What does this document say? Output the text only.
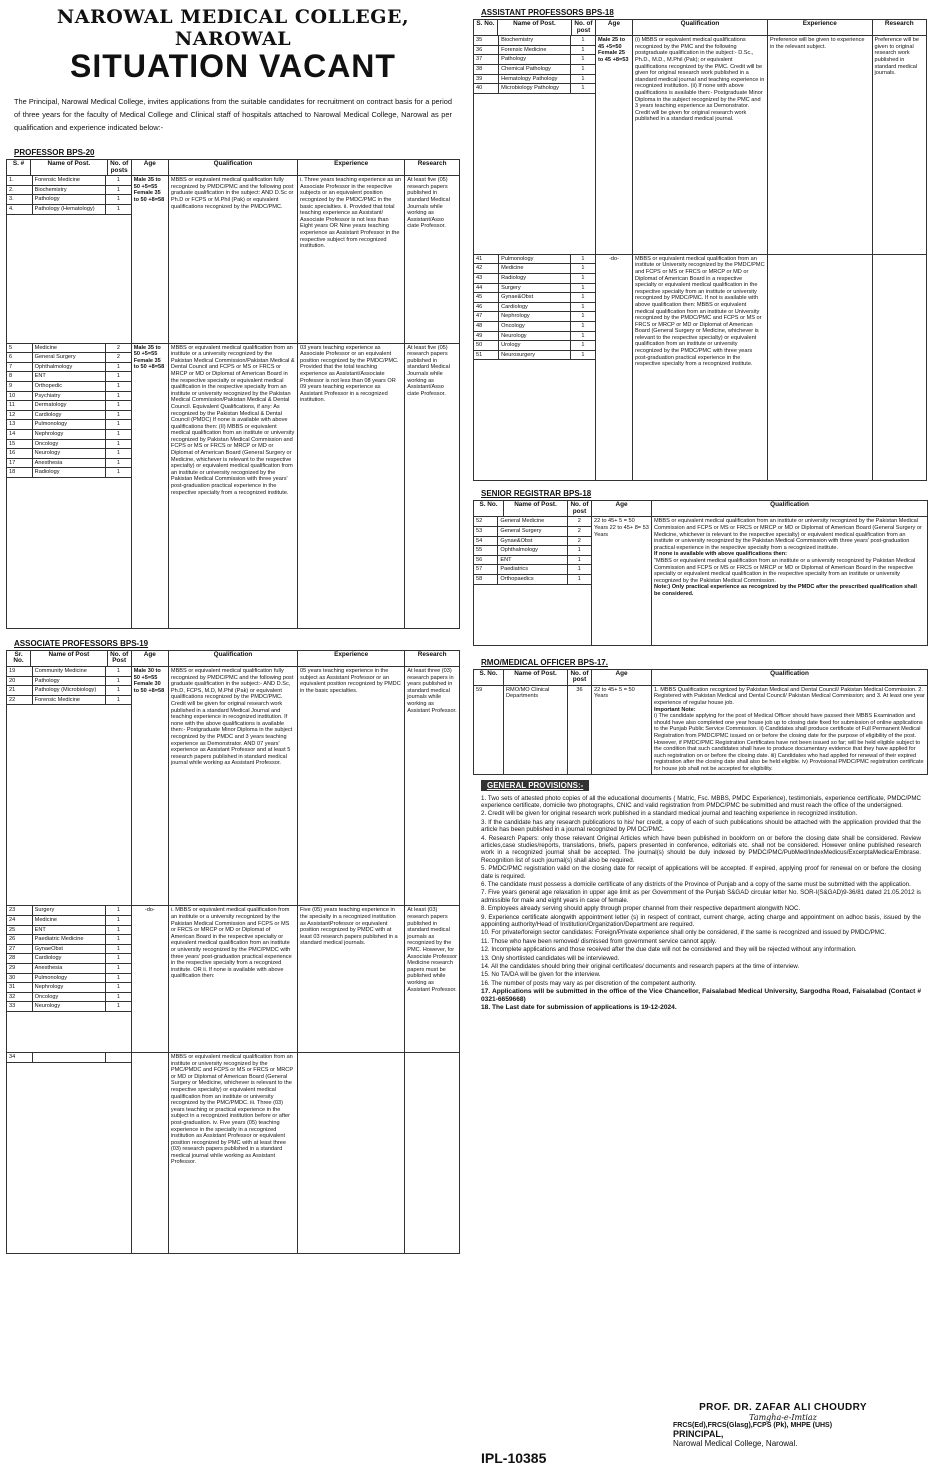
NAROWAL MEDICAL COLLEGE, NAROWAL
SITUATION VACANT
The Principal, Narowal Medical College, invites applications from the suitable candidates for recruitment on contract basis for a period of three years for the faculty of Medical College and Clinical staff of hospitals attached to Narowal Medical College, Narowal as per qualification and experience indicated below:-
PROFESSOR BPS-20
S. #	Name of Post.	No. of posts	Age	Qualification	Experience	Research

1.	Forensic Medicine	1
2.	Biochemistry	1
3.	Pathology	1
4.	Pathology (Hematology)	1
	Male 35 to 50 +5=55 Female 35 to 50 +8=58	MBBS or equivalent medical qualification fully recognized by PMDC/PMC and the following post graduate qualification in the subject: AND D.Sc or Ph.D or FCPS or M.Phil (Pak) or equivalent qualifications recognized by the PMDC/PMC.	i. Three years teaching experience as an Associate Professor in the respective subjects or an equivalent position recognized by the PMDC/PMC in the basic specialties. ii. Provided that total teaching experience as Assistant/ Associate Professor is not less than Eight years OR Nine years teaching experience as Assistant Professor in the respective subject from recognized institution.	At least five (05) research papers published in standard Medical Journals while working as Assistant/Asso ciate Professor.

5	Medicine	2
6	General Surgery	2
7	Ophthalmology	1
8	ENT	1
9	Orthopedic	1
10	Psychiatry	1
11	Dermatology	1
12	Cardiology	1
13	Pulmonology	1
14	Nephrology	1
15	Oncology	1
16	Neurology	1
17	Anesthesia	1
18	Radiology	1
	Male 35 to 50 +5=55 Female 35 to 50 +8=58	MBBS or equivalent medical qualification from an institute or a university recognized by the Pakistan Medical Commission/Pakistan Medical & Dental Council and FCPS or MS or FRCS or MRCP or MD or Diplomat of American Board in the respective specialty or equivalent medical qualification in the respective specialty from an institute or university recognized by the Pakistan Medical Commission/Pakistan Medical & Dental Council. Equivalent Qualifications, if any: As recognized by the Pakistan Medical & Dental Council (PMDC) If none is available with above qualifications then: (II) MBBS or equivalent medical qualification from an institute or university recognized by Pakistan Medical Commission and FCPS or MS or FRCS or MRCP or MD or Diplomat of American Board (General Surgery or Medicine, whichever is relevant to the respective specialty) or equivalent medical qualification from an institute or university recognized by the Pakistan Medical Commission with three years' post-graduation practical experience in the respective specialty from a recognized institute.	03 years teaching experience as Associate Professor or an equivalent position recognized by the PMDC/PMC. Provided that the total teaching experience as Assistant/Associate Professor is not less than 08 years OR 09 years teaching experience as Assistant Professor in a recognized institution.	At least five (05) research papers published in standard Medical Journals while working as Assistant/Asso ciate Professor.
ASSOCIATE PROFESSORS BPS-19
Sr. No.	Name of Post	No. of Post	Age	Qualification	Experience	Research

19	Community Medicine	1
20	Pathology	1
21	Pathology (Microbiology)	1
22	Forensic Medicine	1
	Male 30 to 50 +5=55 Female 30 to 50 +8=58	MBBS or equivalent medical qualification fully recognized by PMDC/PMC and the following post graduate qualification in the subject:- AND D.Sc, Ph.D, FCPS, M.D, M.Phil (Pak) or equivalent qualifications recognized by the PMDC/PMC. Credit will be given for original research work published in a standard Medical Journal and teaching experience in recognized institution. If none with the above qualifications is available then:- Postgraduate Minor Diploma in the subject recognized by the PMDC and 3 years teaching experience as Demonstrator. AND 07 years' experience as Assistant Professor and at least 5 research papers published in standard medical journal while working as Assistant Professor.	05 years teaching experience in the subject as Assistant Professor or an equivalent position recognized by PMDC in the basic specialties.	At least three (03) research papers in years published in standard medical journals while working as Assistant Professor.

23	Surgery	1
24	Medicine	1
25	ENT	1
26	Paediatric Medicine	1
27	GynaeObst	1
28	Cardiology	1
29	Anesthesia	1
30	Pulmonology	1
31	Nephrology	1
32	Oncology	1
33	Neurology	1
	-do-	i. MBBS or equivalent medical qualification from an institute or a university recognized by the Pakistan Medical Commission and FCPS or MS or FRCS or MRCP or MD or Diplomat of American Board in the respective specialty or equivalent medical qualification from an institute or university recognized by the PMC/PMDC with three years' post-graduation practical experience in the respective specialty from a recognized institute. OR ii. If none is available with above qualification then:	Five (05) years teaching experience in the specialty in a recognized institution as AssistantProfessor or equivalent position recognized by PMDC with at least 03 research papers published in a standard medical journals.	At least (03) research papers published in standard medical journals as recognized by the PMC. However, for Associate Professor Medicine research papers must be published while working as Assistant Professor.

34		
			MBBS or equivalent medical qualification from an institute or university recognized by the PMC/PMDC and FCPS or MS or FRCS or MRCP or MD or Diplomat of American Board (General Surgery or Medicine, whichever is relevant to the respective specialty) or equivalent medical qualification from an institute or university recognized by the PMC/PMDC. iii. Three (03) years teaching or practical experience in the subject in a recognized institution before or after post-graduation. iv. Five years (05) teaching experience in the specialty in a recognized institution as Assistant Professor or equivalent position recognized by PMC with at least three (03) research papers published in a standard medical journal while working as Assistant Professor.		
ASSISTANT PROFESSORS BPS-18
S. No.	Name of Post.	No. of post	Age	Qualification	Experience	Research

35	Biochemistry	1
36	Forensic Medicine	1
37	Pathology	1
38	Chemical Pathology	1
39	Hematology Pathology	1
40	Microbiology Pathology	1
	Male 25 to 45 +5=50 Female 25 to 45 +8=53	(i) MBBS or equivalent medical qualifications recognized by the PMC and the following postgraduate qualification in the subject:- D.Sc., Ph.D., M.D., M.Phil (Pak); or equivalent qualifications recognized by the PMC. Credit will be given for original research work published in a standard medical journal and teaching experience in recognized institution. (ii) If none with above qualifications is available then:- Postgraduate Minor Diploma in the subject recognized by the PMC and 3 years teaching experience as Demonstrator. Credit will be given for original research work published in a standard medical journal.	Preference will be given to experience in the relevant subject.	Preference will be given to original research work published in standard medical journals.

41	Pulmonology	1
42	Medicine	1
43	Radiology	1
44	Surgery	1
45	Gynae&Obst	1
46	Cardiology	1
47	Nephrology	1
48	Oncology	1
49	Neurology	1
50	Urology	1
51	Neurosurgery	1
	-do-	MBBS or equivalent medical qualification from an institute or University recognized by the PMDC/PMC and FCPS or MS or FRCS or MRCP or MD or Diplomat of American Board in a respective specialty or equivalent medical qualification in the respective specialty from an institute or university recognized by PMDC/PMC. If not is available with above qualification then: MBBS or equivalent medical qualification from an institute or University recognized by the PMDC/PMC and FCPS or MS or FRCS or MRCP or MD or Diplomat of American Board (General Surgery or Medicine, whichever is relevant to the respective specialty) or equivalent qualification from an institute or university recognized by the PMDC/PMC with three years post-graduation practical experience in the respective specialty from a recognized institute.		
SENIOR REGISTRAR BPS-18
S. No.	Name of Post.	No. of post	Age	Qualification

52	General Medicine	2
53	General Surgery	2
54	Gynae&Obst	2
55	Ophthalmology	1
56	ENT	1
57	Paediatrics	1
58	Orthopaedics	1
	22 to 45+ 5 = 50 Years 22 to 45+ 8= 53 Years	
MBBS or equivalent medical qualification from an institute or university recognized by the Pakistan Medical Commission and FCPS or MS or FRCS or MRCP or MD or Diplomat of American Board (General Surgery or Medicine, whichever is relevant to the respective specialty) or equivalent medical qualification from an institute or university recognized by the Pakistan Medical Commission with three years' post-graduation practical experience in the respective specialty from a recognized institute.
If none is available with above qualifications then:
"MBBS or equivalent medical qualification from an institute or a university recognized by Pakistan Medical Commission and FCPS or MS or FRCS or MRCP or MD or Diplomat of American Board in the respective specialty or equivalent medical qualification in the respective specialty from an institute or university recognized by the Pakistan Medical Commission.
Note:) Only practical experience as recognized by the PMDC after the prescribed qualification shall be considered.
RMO/MEDICAL OFFICER BPS-17.
S. No.	Name of Post.	No. of post	Age	Qualification
59	RMO/MO Clinical Departments	36	22 to 45+ 5 = 50 Years	1. MBBS Qualification recognized by Pakistan Medical and Dental Council/ Pakistan Medical Commission. 2. Registered with Pakistan Medical and Dental Council/ Pakistan Medical Commission; and 3. At least one year experience of regular house job.
Important Note:
i) The candidate applying for the post of Medical Officer should have passed their MBBS Examination and should have also completed one year house job up to closing date fixed for submission of online applications to the Punjab Public Service Commission. ii) Candidates shall produce certificate of Full Permanent Medical Registration from PMDC/PMC issued on or before the closing date for the purpose of eligibility of the post. However, if PMDC/PMC Registration Certificates have not been issued so far; will be held eligible subject to the condition that such candidates shall have to produce documentary evidence that they have applied for such registration on or before the closing date. iii) Candidates who had applied for renewal of their expired registration after the closing date shall also be held eligible. iv) Provisional PMDC/PMC registration certificate for house job shall not be accepted for eligibility.
GENERAL PROVISIONS:-
1. Two sets of attested photo copies of all the educational documents ( Matric, Fsc. MBBS, PMDC Experience), testimonials, experience certificate, PMDC/PMC experience certificate, domicile two photographs, CNIC and valid registration from PMDC/PMC be submitted and must reach the office of the undersigned.
2. Credit will be given for original research work published in a standard medical journal and teaching experience in recognized institution.
3. If the candidate has any research publications to his/ her credit, a copy of each of such publications should be attached with the application provided that the article has been published in a journal recognized by PM DC/PMC.
4. Research Papers: only those relevant Original Articles which have been published in bookform on or before the closing date shall be considered. Review articles,case studies/reports, translations, briefs, papers presented in conference, editorials etc. shall not be considered. However online published research work in a recognized journal shall be accepted. The journal(s) should be duly indexed by PMDC/PMC/PubMed/IndexMedicus/ExcerptaMedica/Embrase. Recognition list of such journal(s) shall also be required.
5. PMDC/PMC registration valid on the closing date for receipt of applications will be accepted. If expired, applying proof for renewal on or before the closing date is required.
6. The candidate must possess a domicile certificate of any districts of the Province of Punjab and a copy of the same must be submitted with the application.
7. Five years general age relaxation in upper age limit as per Government of the Punjab S&GAD circular letter No. SOR-I(S&GAD)9-36/81 dated 21.05.2012 is admissible for male and eight years in case of female.
8. Employees already serving should apply through proper channel from their respective department alongwith NOC.
9. Experience certificate alongwith appointment letter (s) in respect of contract, current charge, acting charge and appointment on adhoc basis, issued by the appointing authority/Head of Institution/Organization/Department are required.
10. For private/foreign sector candidates: Foreign/Private experience shall only be considered, if the same is recognized and issued by PMDC/PMC.
11. Those who have been removed/ dismissed from government service cannot apply.
12. Incomplete applications and those received after the due date will not be considered and they will be rejected without any information.
13. Only shortlisted candidates will be interviewed.
14. All the candidates should bring their original certificates/ documents and research papers at the time of interview.
15. No TA/DA will be given for the interview.
16. The number of posts may vary as per discretion of the competent authority.
17. Applications will be submitted in the office of the Vice Chancellor, Faisalabad Medical University, Sargodha Road, Faisalabad (Contact # 0321-6659668)
18. The Last date for submission of applications is 19-12-2024.
PROF. DR. ZAFAR ALI CHOUDRY
Tamgha-e-Imtiaz
FRCS(Ed),FRCS(Glasg),FCPS (Pk), MHPE (UHS)
PRINCIPAL,
Narowal Medical College, Narowal.
IPL-10385
